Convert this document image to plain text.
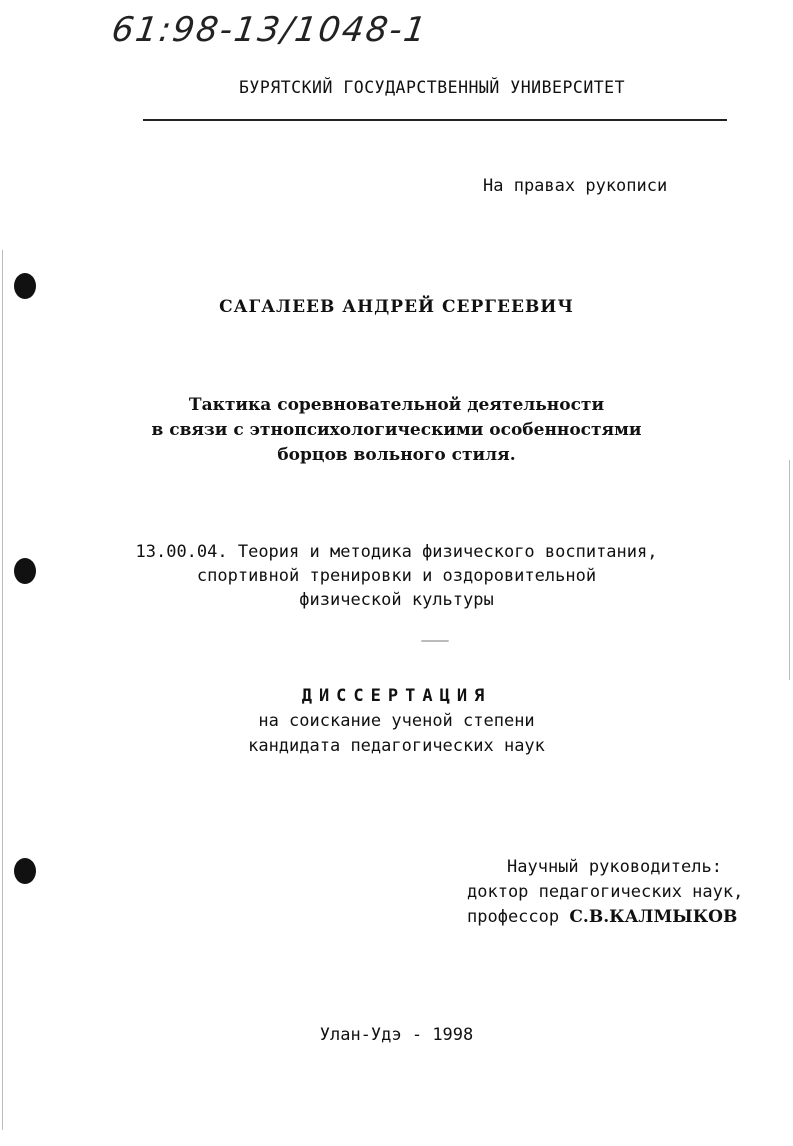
61:98-13/1048-1
БУРЯТСКИЙ ГОСУДАРСТВЕННЫЙ УНИВЕРСИТЕТ
На правах рукописи
САГАЛЕЕВ АНДРЕЙ СЕРГЕЕВИЧ
Тактика соревновательной деятельности
в связи с этнопсихологическими особенностями
борцов вольного стиля.
13.00.04. Теория и методика физического воспитания,
спортивной тренировки и оздоровительной
физической культуры
— 
ДИССЕРТАЦИЯ
на соискание ученой степени
кандидата педагогических наук
Научный руководитель:
доктор педагогических наук,
профессор С.В.КАЛМЫКОВ
Улан-Удэ - 1998
